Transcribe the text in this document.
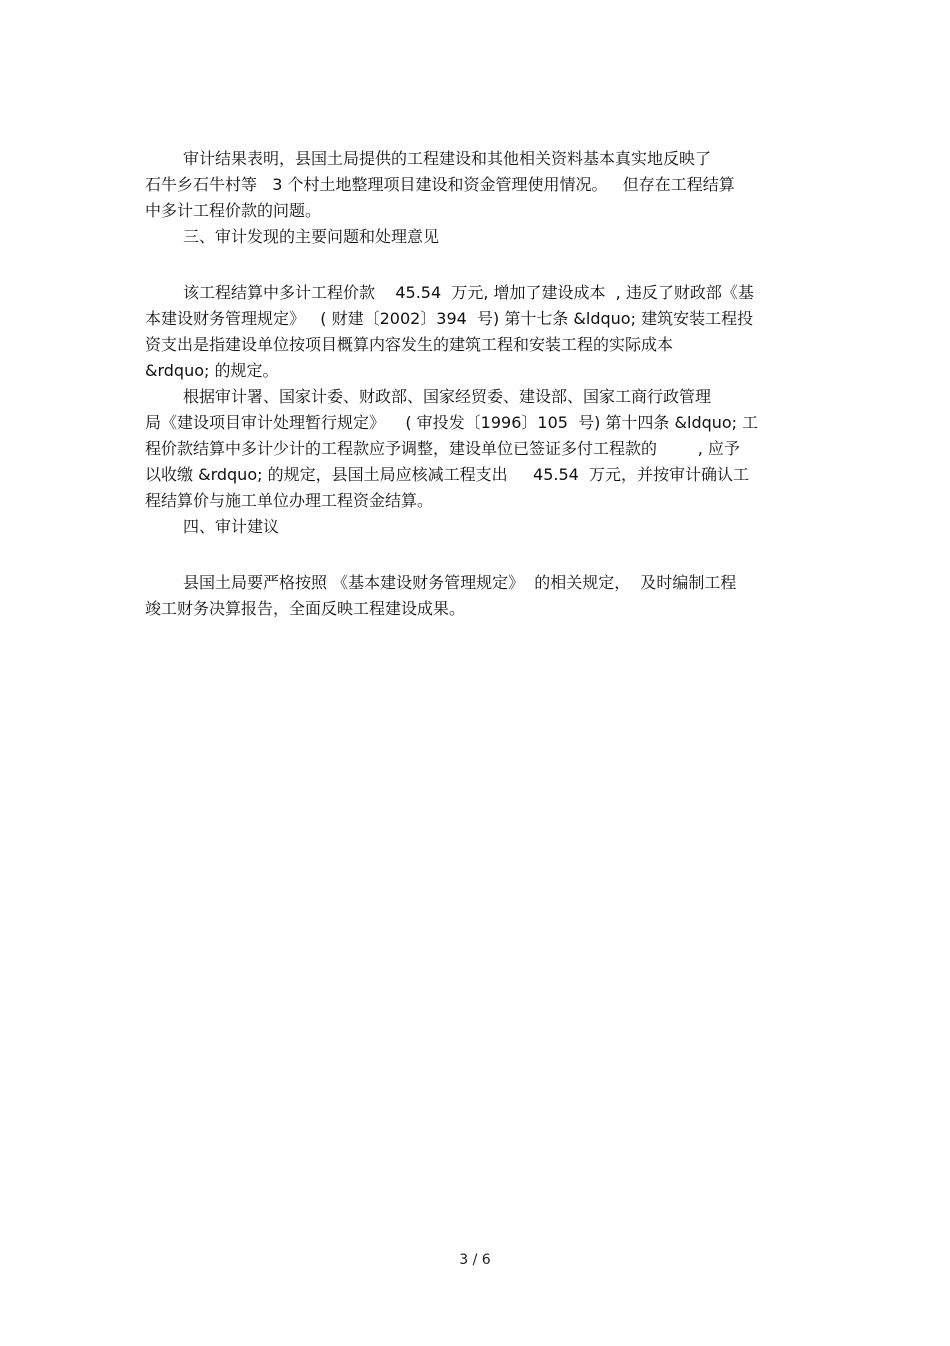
审计结果表明，县国土局提供的工程建设和其他相关资料基本真实地反映了
石牛乡石牛村等   3 个村土地整理项目建设和资金管理使用情况。   但存在工程结算
中多计工程价款的问题。

三、审计发现的主要问题和处理意见

该工程结算中多计工程价款    45.54  万元, 增加了建设成本  , 违反了财政部《基
本建设财务管理规定》   ( 财建〔2002〕394  号) 第十七条 &ldquo; 建筑安装工程投
资支出是指建设单位按项目概算内容发生的建筑工程和安装工程的实际成本
&rdquo; 的规定。

根据审计署、国家计委、财政部、国家经贸委、建设部、国家工商行政管理
局《建设项目审计处理暂行规定》    ( 审投发〔1996〕105  号) 第十四条 &ldquo; 工
程价款结算中多计少计的工程款应予调整，建设单位已签证多付工程款的        , 应予
以收缴 &rdquo; 的规定，县国土局应核减工程支出     45.54  万元，并按审计确认工
程结算价与施工单位办理工程资金结算。

四、审计建议

县国土局要严格按照 《基本建设财务管理规定》  的相关规定，  及时编制工程
竣工财务决算报告，全面反映工程建设成果。

3 / 6
